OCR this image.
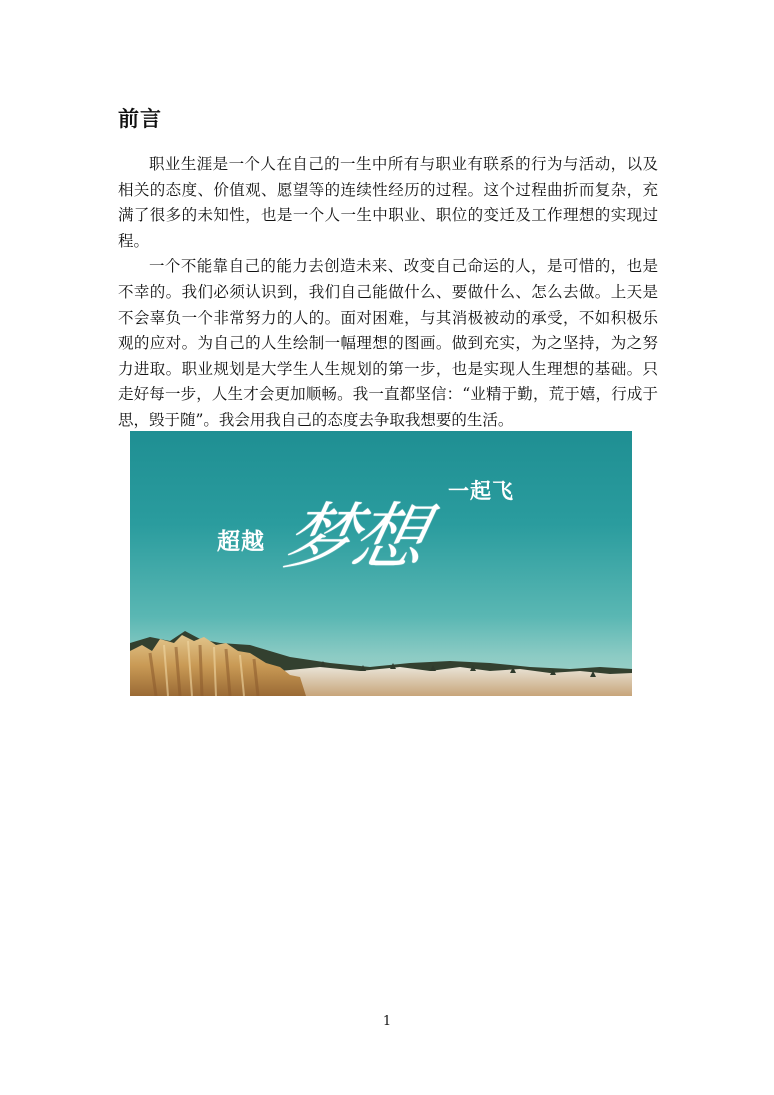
前言

职业生涯是一个人在自己的一生中所有与职业有联系的行为与活动，以及相关的态度、价值观、愿望等的连续性经历的过程。这个过程曲折而复杂，充满了很多的未知性，也是一个人一生中职业、职位的变迁及工作理想的实现过程。

一个不能靠自己的能力去创造未来、改变自己命运的人，是可惜的，也是不幸的。我们必须认识到，我们自己能做什么、要做什么、怎么去做。上天是不会辜负一个非常努力的人的。面对困难，与其消极被动的承受，不如积极乐观的应对。为自己的人生绘制一幅理想的图画。做到充实，为之坚持，为之努力进取。职业规划是大学生人生规划的第一步，也是实现人生理想的基础。只走好每一步，人生才会更加顺畅。我一直都坚信：“业精于勤，荒于嬉，行成于思，毁于随”。我会用我自己的态度去争取我想要的生活。

超越 梦想
一起飞
1
